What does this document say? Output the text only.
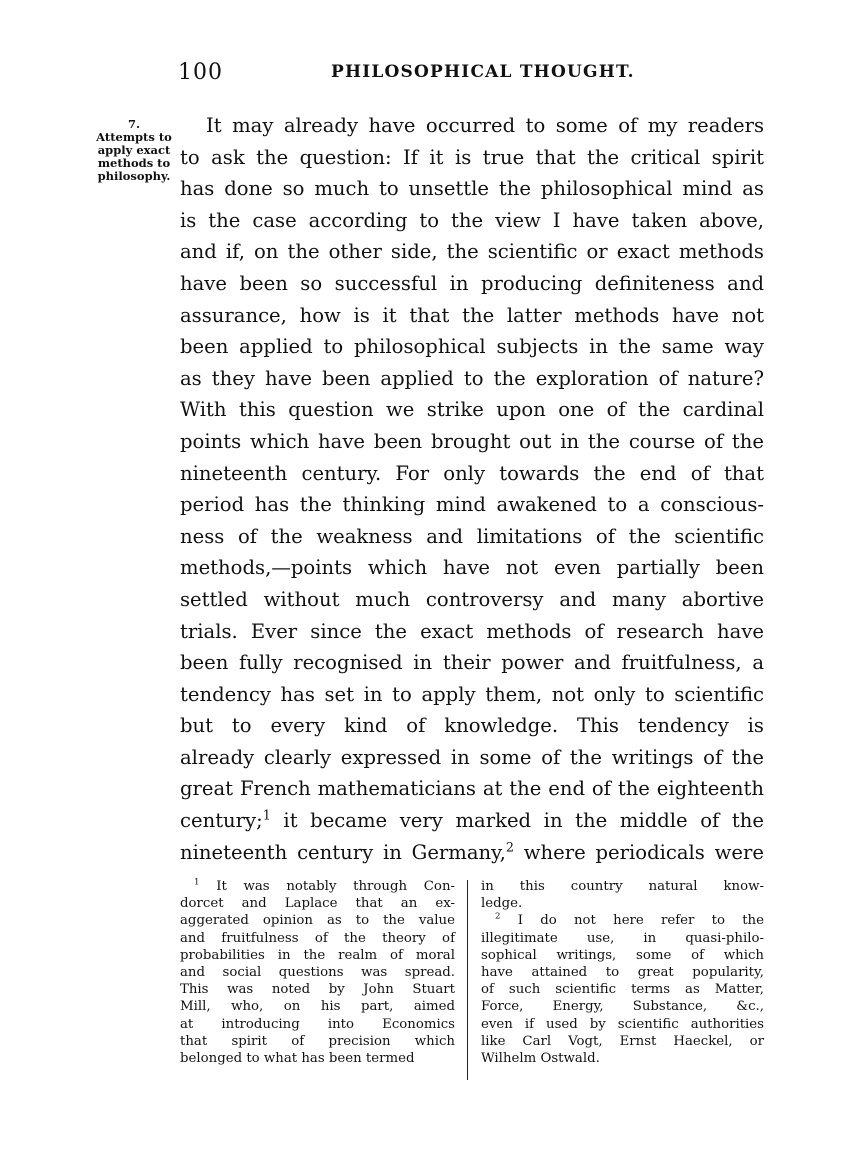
100	PHILOSOPHICAL THOUGHT.
7.
Attempts to
apply exact
methods to
philosophy.
It may already have occurred to some of my readers
to ask the question: If it is true that the critical spirit
has done so much to unsettle the philosophical mind as
is the case according to the view I have taken above,
and if, on the other side, the scientific or exact methods
have been so successful in producing definiteness and
assurance, how is it that the latter methods have not
been applied to philosophical subjects in the same way
as they have been applied to the exploration of nature?
With this question we strike upon one of the cardinal
points which have been brought out in the course of the
nineteenth century. For only towards the end of that
period has the thinking mind awakened to a conscious-
ness of the weakness and limitations of the scientific
methods,—points which have not even partially been
settled without much controversy and many abortive
trials. Ever since the exact methods of research have
been fully recognised in their power and fruitfulness, a
tendency has set in to apply them, not only to scientific
but to every kind of knowledge. This tendency is
already clearly expressed in some of the writings of the
great French mathematicians at the end of the eighteenth
century;$^1$ it became very marked in the middle of the
nineteenth century in Germany,$^2$ where periodicals were
$^1$ It was notably through Con-
dorcet and Laplace that an ex-
aggerated opinion as to the value
and fruitfulness of the theory of
probabilities in the realm of moral
and social questions was spread.
This was noted by John Stuart
Mill, who, on his part, aimed
at introducing into Economics
that spirit of precision which
belonged to what has been termed
in this country natural know-
ledge.
$^2$ I do not here refer to the
illegitimate use, in quasi-philo-
sophical writings, some of which
have attained to great popularity,
of such scientific terms as Matter,
Force, Energy, Substance, &c.,
even if used by scientific authorities
like Carl Vogt, Ernst Haeckel, or
Wilhelm Ostwald.
